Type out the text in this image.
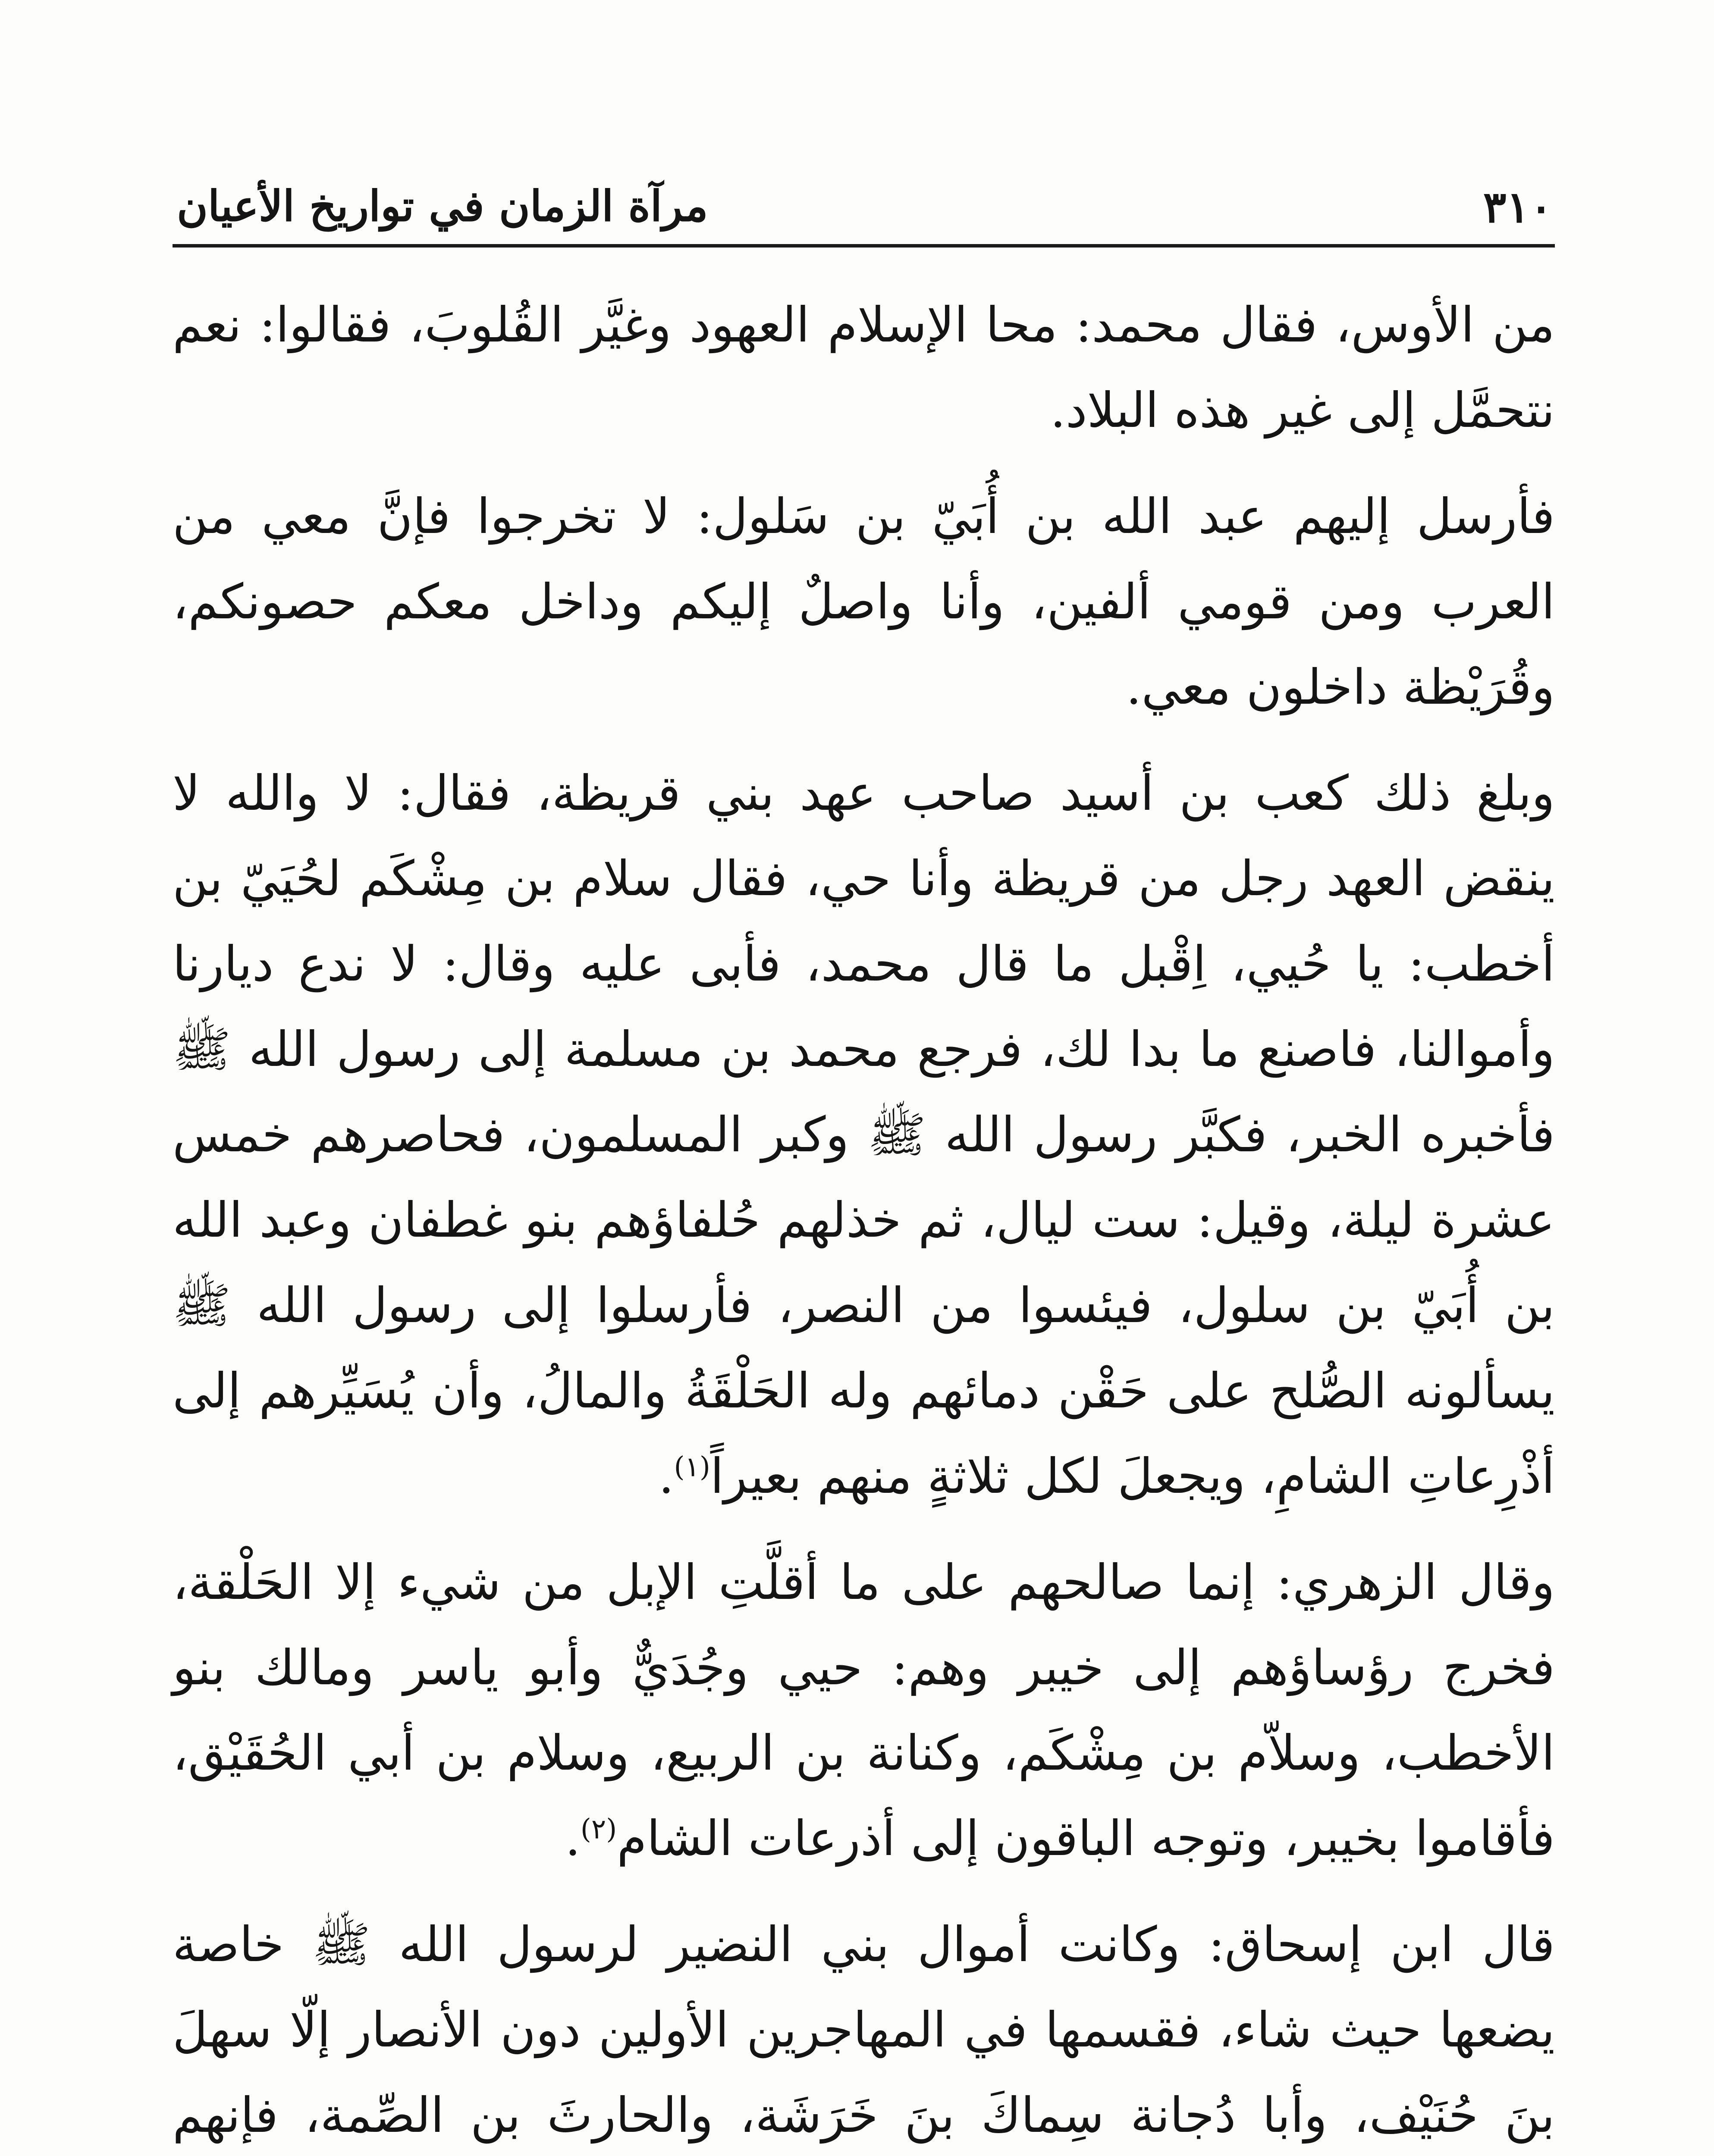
٣١٠
مرآة الزمان في تواريخ الأعيان

من الأوس، فقال محمد: محا الإسلام العهود وغيَّر القُلوبَ، فقالوا: نعم نتحمَّل إلى غير هذه البلاد.

فأرسل إليهم عبد الله بن أُبَيّ بن سَلول: لا تخرجوا فإنَّ معي من العرب ومن قومي ألفين، وأنا واصلٌ إليكم وداخل معكم حصونكم، وقُرَيْظة داخلون معي.

وبلغ ذلك كعب بن أسيد صاحب عهد بني قريظة، فقال: لا والله لا ينقض العهد رجل من قريظة وأنا حي، فقال سلام بن مِشْكَم لحُيَيّ بن أخطب: يا حُيي، اِقْبل ما قال محمد، فأبى عليه وقال: لا ندع ديارنا وأموالنا، فاصنع ما بدا لك، فرجع محمد بن مسلمة إلى رسول الله ﷺ فأخبره الخبر، فكبَّر رسول الله ﷺ وكبر المسلمون، فحاصرهم خمس عشرة ليلة، وقيل: ست ليال، ثم خذلهم حُلفاؤهم بنو غطفان وعبد الله بن أُبَيّ بن سلول، فيئسوا من النصر، فأرسلوا إلى رسول الله ﷺ يسألونه الصُّلح على حَقْن دمائهم وله الحَلْقَةُ والمالُ، وأن يُسَيِّرهم إلى أذْرِعاتِ الشامِ، ويجعلَ لكل ثلاثةٍ منهم بعيراً$^{(١)}$.

وقال الزهري: إنما صالحهم على ما أقلَّتِ الإبل من شيء إلا الحَلْقة، فخرج رؤساؤهم إلى خيبر وهم: حيي وجُدَيٌّ وأبو ياسر ومالك بنو الأخطب، وسلاّم بن مِشْكَم، وكنانة بن الربيع، وسلام بن أبي الحُقَيْق، فأقاموا بخيبر، وتوجه الباقون إلى أذرعات الشام$^{(٢)}$.

قال ابن إسحاق: وكانت أموال بني النضير لرسول الله ﷺ خاصة يضعها حيث شاء، فقسمها في المهاجرين الأولين دون الأنصار إلّا سهلَ بنَ حُنَيْف، وأبا دُجانة سِماكَ بنَ خَرَشَة، والحارثَ بن الصِّمة، فإنهم
